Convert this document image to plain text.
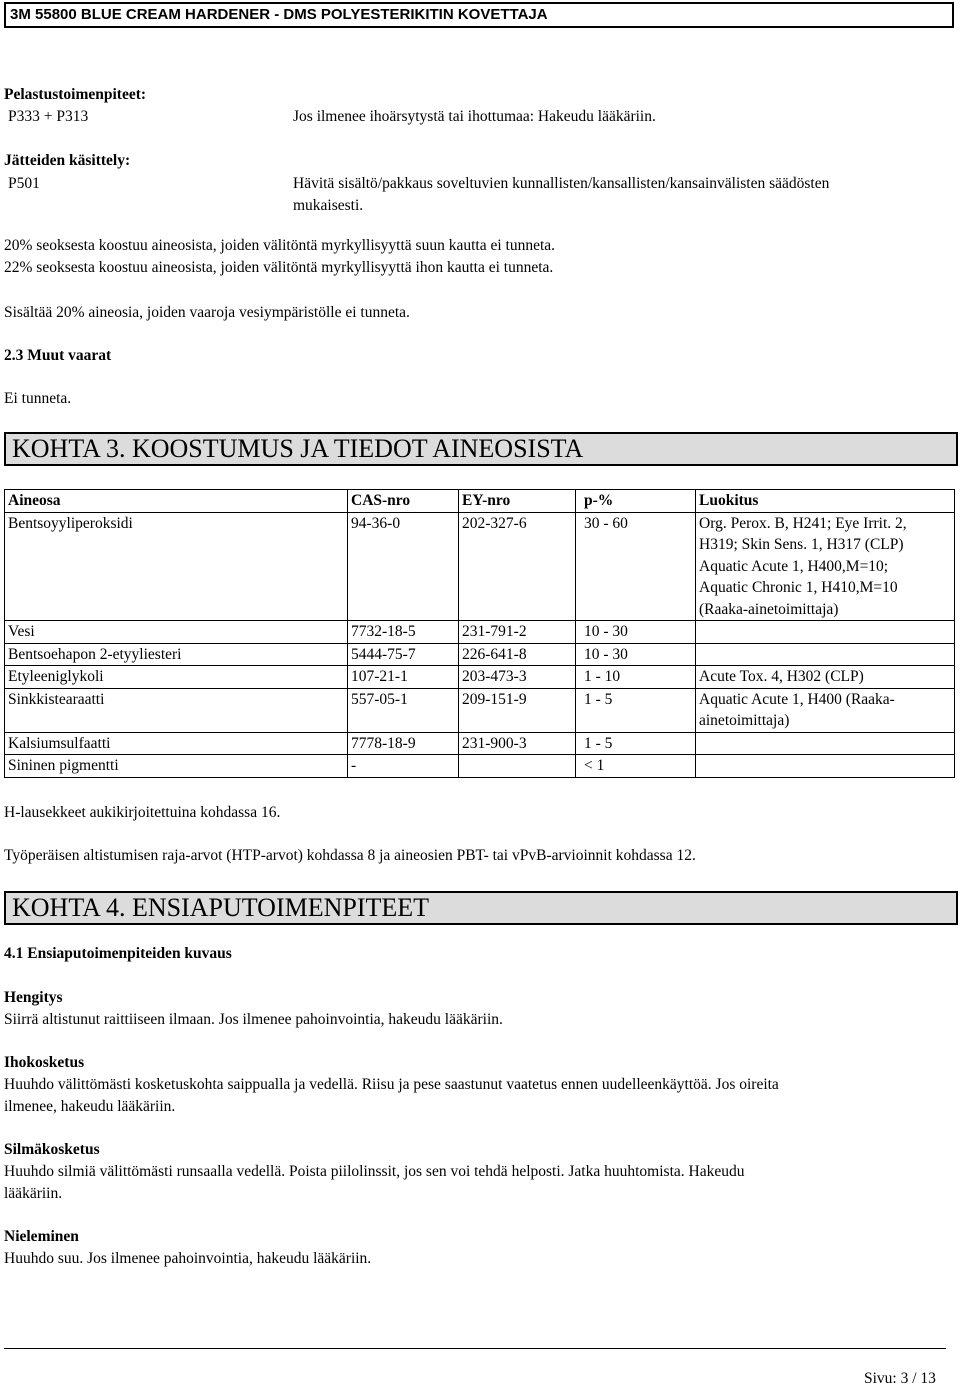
3M 55800 BLUE CREAM HARDENER - DMS POLYESTERIKITIN KOVETTAJA
Pelastustoimenpiteet:
P333 + P313	Jos ilmenee ihoärsytystä tai ihottumaa: Hakeudu lääkäriin.
Jätteiden käsittely:
P501	Hävitä sisältö/pakkaus soveltuvien kunnallisten/kansallisten/kansainvälisten säädösten
mukaisesti.
20% seoksesta koostuu aineosista, joiden välitöntä myrkyllisyyttä suun kautta ei tunneta.
22% seoksesta koostuu aineosista, joiden välitöntä myrkyllisyyttä ihon kautta ei tunneta.
Sisältää 20% aineosia, joiden vaaroja vesiympäristölle ei tunneta.
2.3 Muut vaarat
Ei tunneta.
KOHTA 3. KOOSTUMUS JA TIEDOT AINEOSISTA
Aineosa	CAS-nro	EY-nro	p-%	Luokitus
Bentsoyyliperoksidi	94-36-0	202-327-6	30 - 60	Org. Perox. B, H241; Eye Irrit. 2,
H319; Skin Sens. 1, H317 (CLP)
Aquatic Acute 1, H400,M=10;
Aquatic Chronic 1, H410,M=10
(Raaka-ainetoimittaja)

Vesi	7732-18-5	231-791-2	10 - 30	
Bentsoehapon 2-etyyliesteri	5444-75-7	226-641-8	10 - 30	
Etyleeniglykoli	107-21-1	203-473-3	1 - 10	Acute Tox. 4, H302 (CLP)

Sinkkistearaatti	557-05-1	209-151-9	1 - 5	Aquatic Acute 1, H400 (Raaka-
ainetoimittaja)

Kalsiumsulfaatti	7778-18-9	231-900-3	1 - 5	
Sininen pigmentti	-		< 1	
H-lausekkeet aukikirjoitettuina kohdassa 16.
Työperäisen altistumisen raja-arvot (HTP-arvot) kohdassa 8 ja aineosien PBT- tai vPvB-arvioinnit kohdassa 12.
KOHTA 4. ENSIAPUTOIMENPITEET
4.1 Ensiaputoimenpiteiden kuvaus
Hengitys
Siirrä altistunut raittiiseen ilmaan. Jos ilmenee pahoinvointia, hakeudu lääkäriin.
Ihokosketus
Huuhdo välittömästi kosketuskohta saippualla ja vedellä. Riisu ja pese saastunut vaatetus ennen uudelleenkäyttöä. Jos oireita
ilmenee, hakeudu lääkäriin.
Silmäkosketus
Huuhdo silmiä välittömästi runsaalla vedellä. Poista piilolinssit, jos sen voi tehdä helposti. Jatka huuhtomista. Hakeudu
lääkäriin.
Nieleminen
Huuhdo suu. Jos ilmenee pahoinvointia, hakeudu lääkäriin.
Sivu: 3 / 13
